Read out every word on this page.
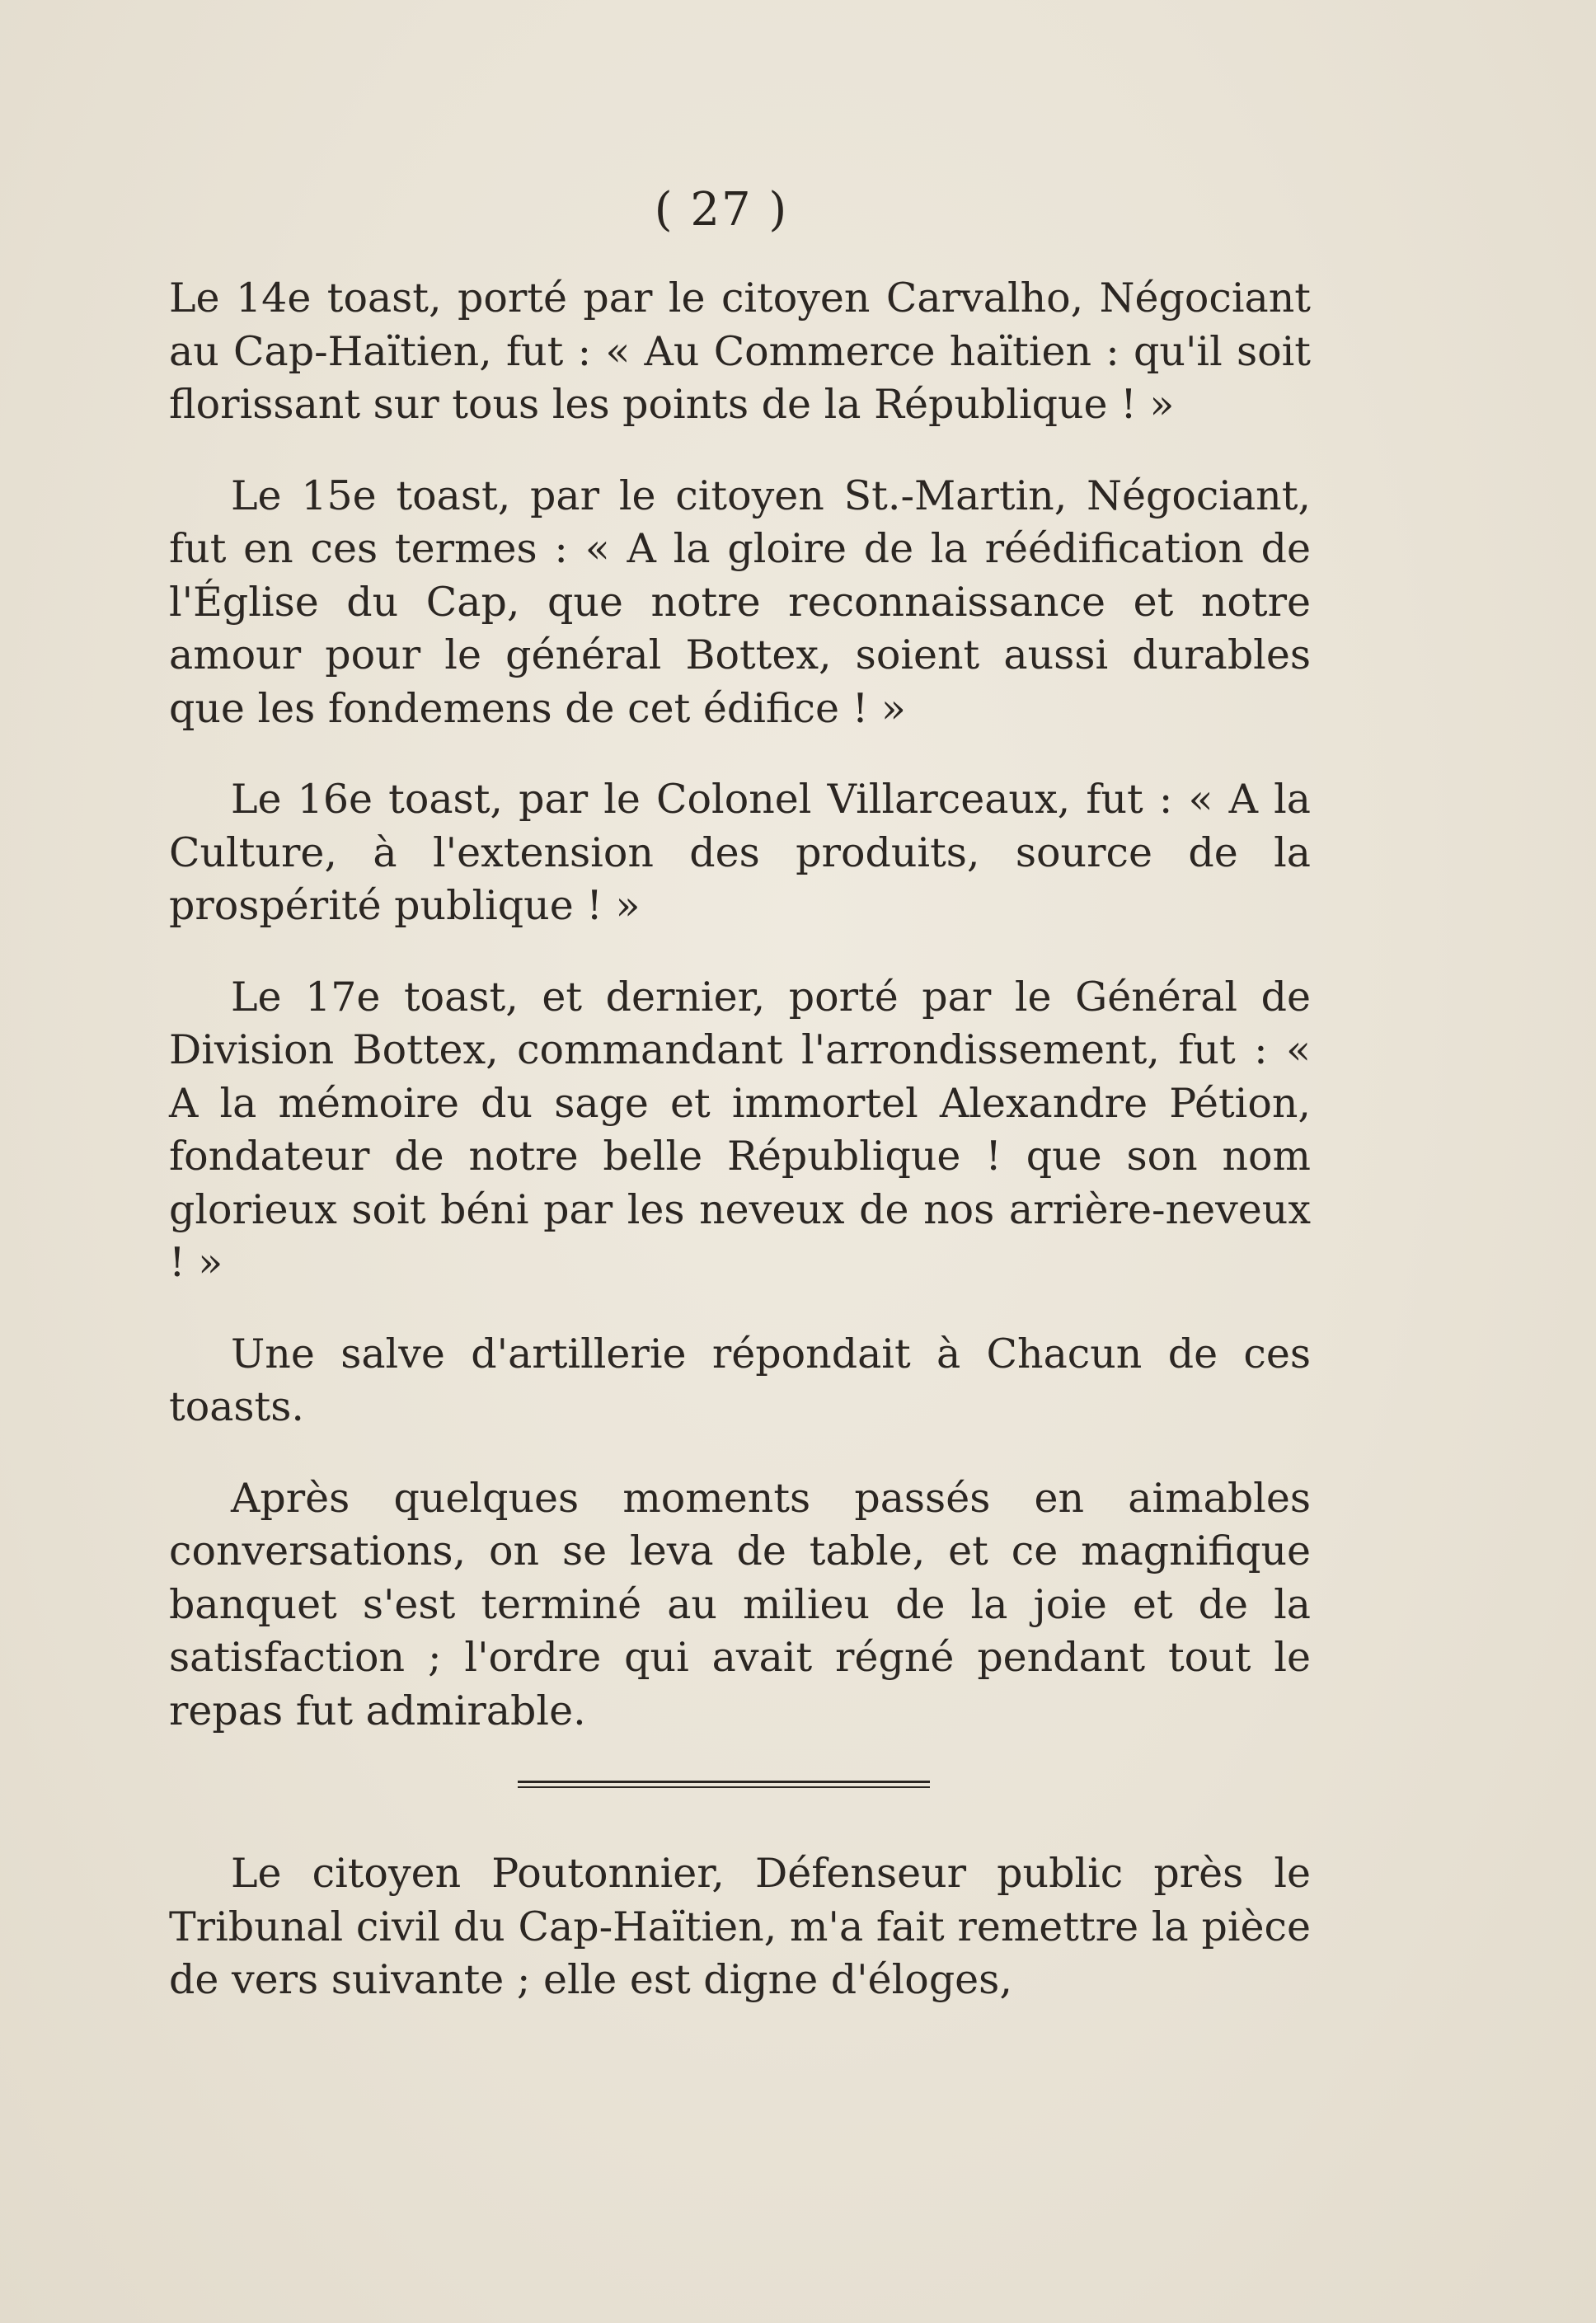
( 27 )

Le 14e toast, porté par le citoyen Carvalho, Négociant au Cap-Haïtien, fut : « Au Commerce haïtien : qu'il soit florissant sur tous les points de la République ! »

Le 15e toast, par le citoyen St.-Martin, Négociant, fut en ces termes : « A la gloire de la réédification de l'Église du Cap, que notre reconnaissance et notre amour pour le général Bottex, soient aussi durables que les fondemens de cet édifice ! »

Le 16e toast, par le Colonel Villarceaux, fut : « A la Culture, à l'extension des produits, source de la prospérité publique ! »

Le 17e toast, et dernier, porté par le Général de Division Bottex, commandant l'arrondissement, fut : « A la mémoire du sage et immortel Alexandre Pétion, fondateur de notre belle République ! que son nom glorieux soit béni par les neveux de nos arrière-neveux ! »

Une salve d'artillerie répondait à Chacun de ces toasts.

Après quelques moments passés en aimables conversations, on se leva de table, et ce magnifique banquet s'est terminé au milieu de la joie et de la satisfaction ; l'ordre qui avait régné pendant tout le repas fut admirable.

Le citoyen Poutonnier, Défenseur public près le Tribunal civil du Cap-Haïtien, m'a fait remettre la pièce de vers suivante ; elle est digne d'éloges,
